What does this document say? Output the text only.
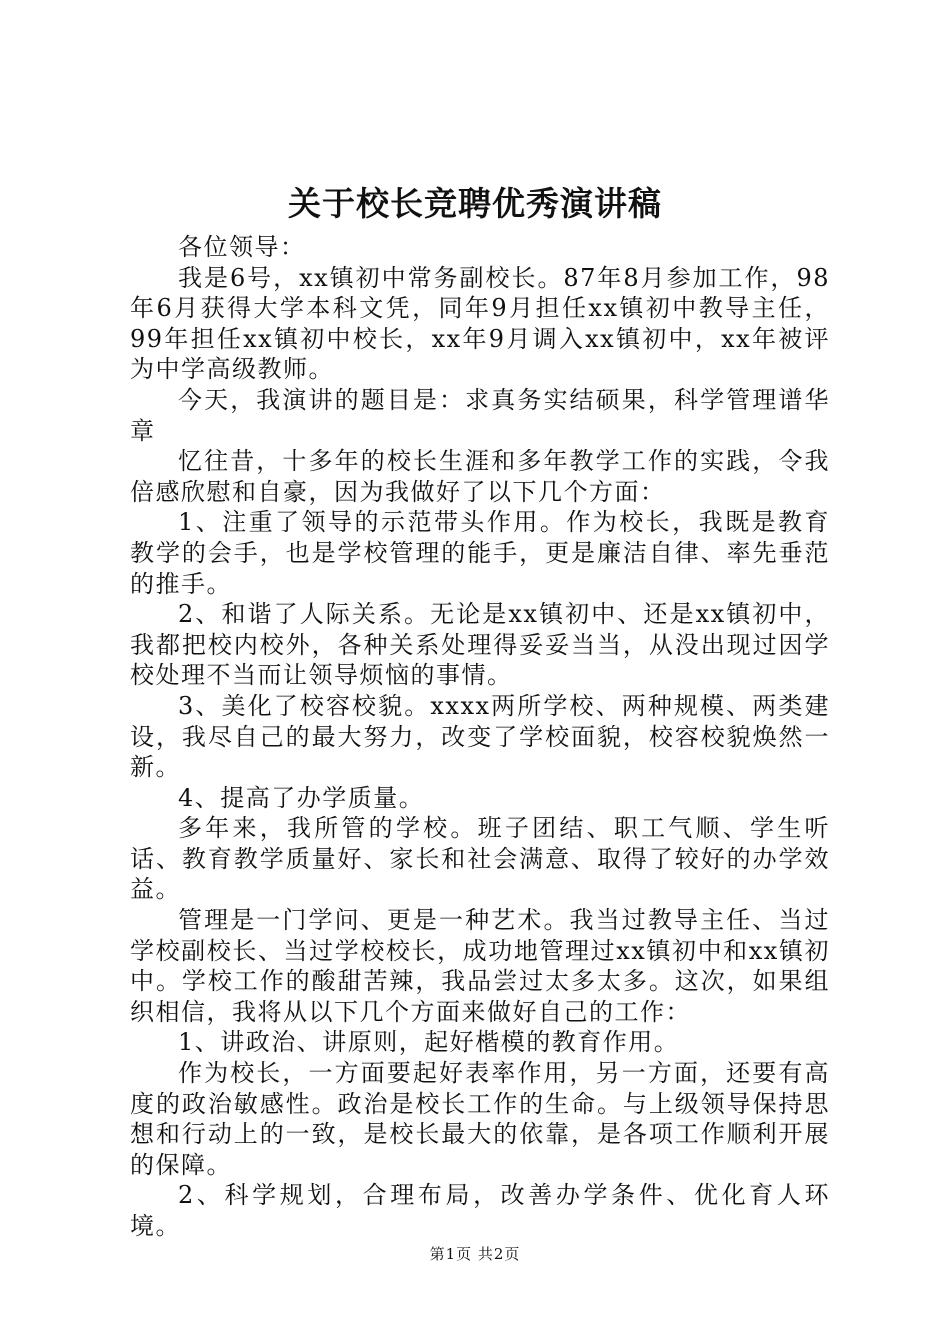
关于校长竞聘优秀演讲稿

各位领导：

我是6号，xx镇初中常务副校长。87年8月参加工作，98年6月获得大学本科文凭，同年9月担任xx镇初中教导主任，99年担任xx镇初中校长，xx年9月调入xx镇初中，xx年被评为中学高级教师。

今天，我演讲的题目是：求真务实结硕果，科学管理谱华章

忆往昔，十多年的校长生涯和多年教学工作的实践，令我倍感欣慰和自豪，因为我做好了以下几个方面：

1、注重了领导的示范带头作用。作为校长，我既是教育教学的会手，也是学校管理的能手，更是廉洁自律、率先垂范的推手。

2、和谐了人际关系。无论是xx镇初中、还是xx镇初中，我都把校内校外，各种关系处理得妥妥当当，从没出现过因学校处理不当而让领导烦恼的事情。

3、美化了校容校貌。xxxx两所学校、两种规模、两类建设，我尽自己的最大努力，改变了学校面貌，校容校貌焕然一新。

4、提高了办学质量。

多年来，我所管的学校。班子团结、职工气顺、学生听话、教育教学质量好、家长和社会满意、取得了较好的办学效益。

管理是一门学问、更是一种艺术。我当过教导主任、当过学校副校长、当过学校校长，成功地管理过xx镇初中和xx镇初中。学校工作的酸甜苦辣，我品尝过太多太多。这次，如果组织相信，我将从以下几个方面来做好自己的工作：

1、讲政治、讲原则，起好楷模的教育作用。

作为校长，一方面要起好表率作用，另一方面，还要有高度的政治敏感性。政治是校长工作的生命。与上级领导保持思想和行动上的一致，是校长最大的依靠，是各项工作顺利开展的保障。

2、科学规划，合理布局，改善办学条件、优化育人环境。

第1页 共2页
